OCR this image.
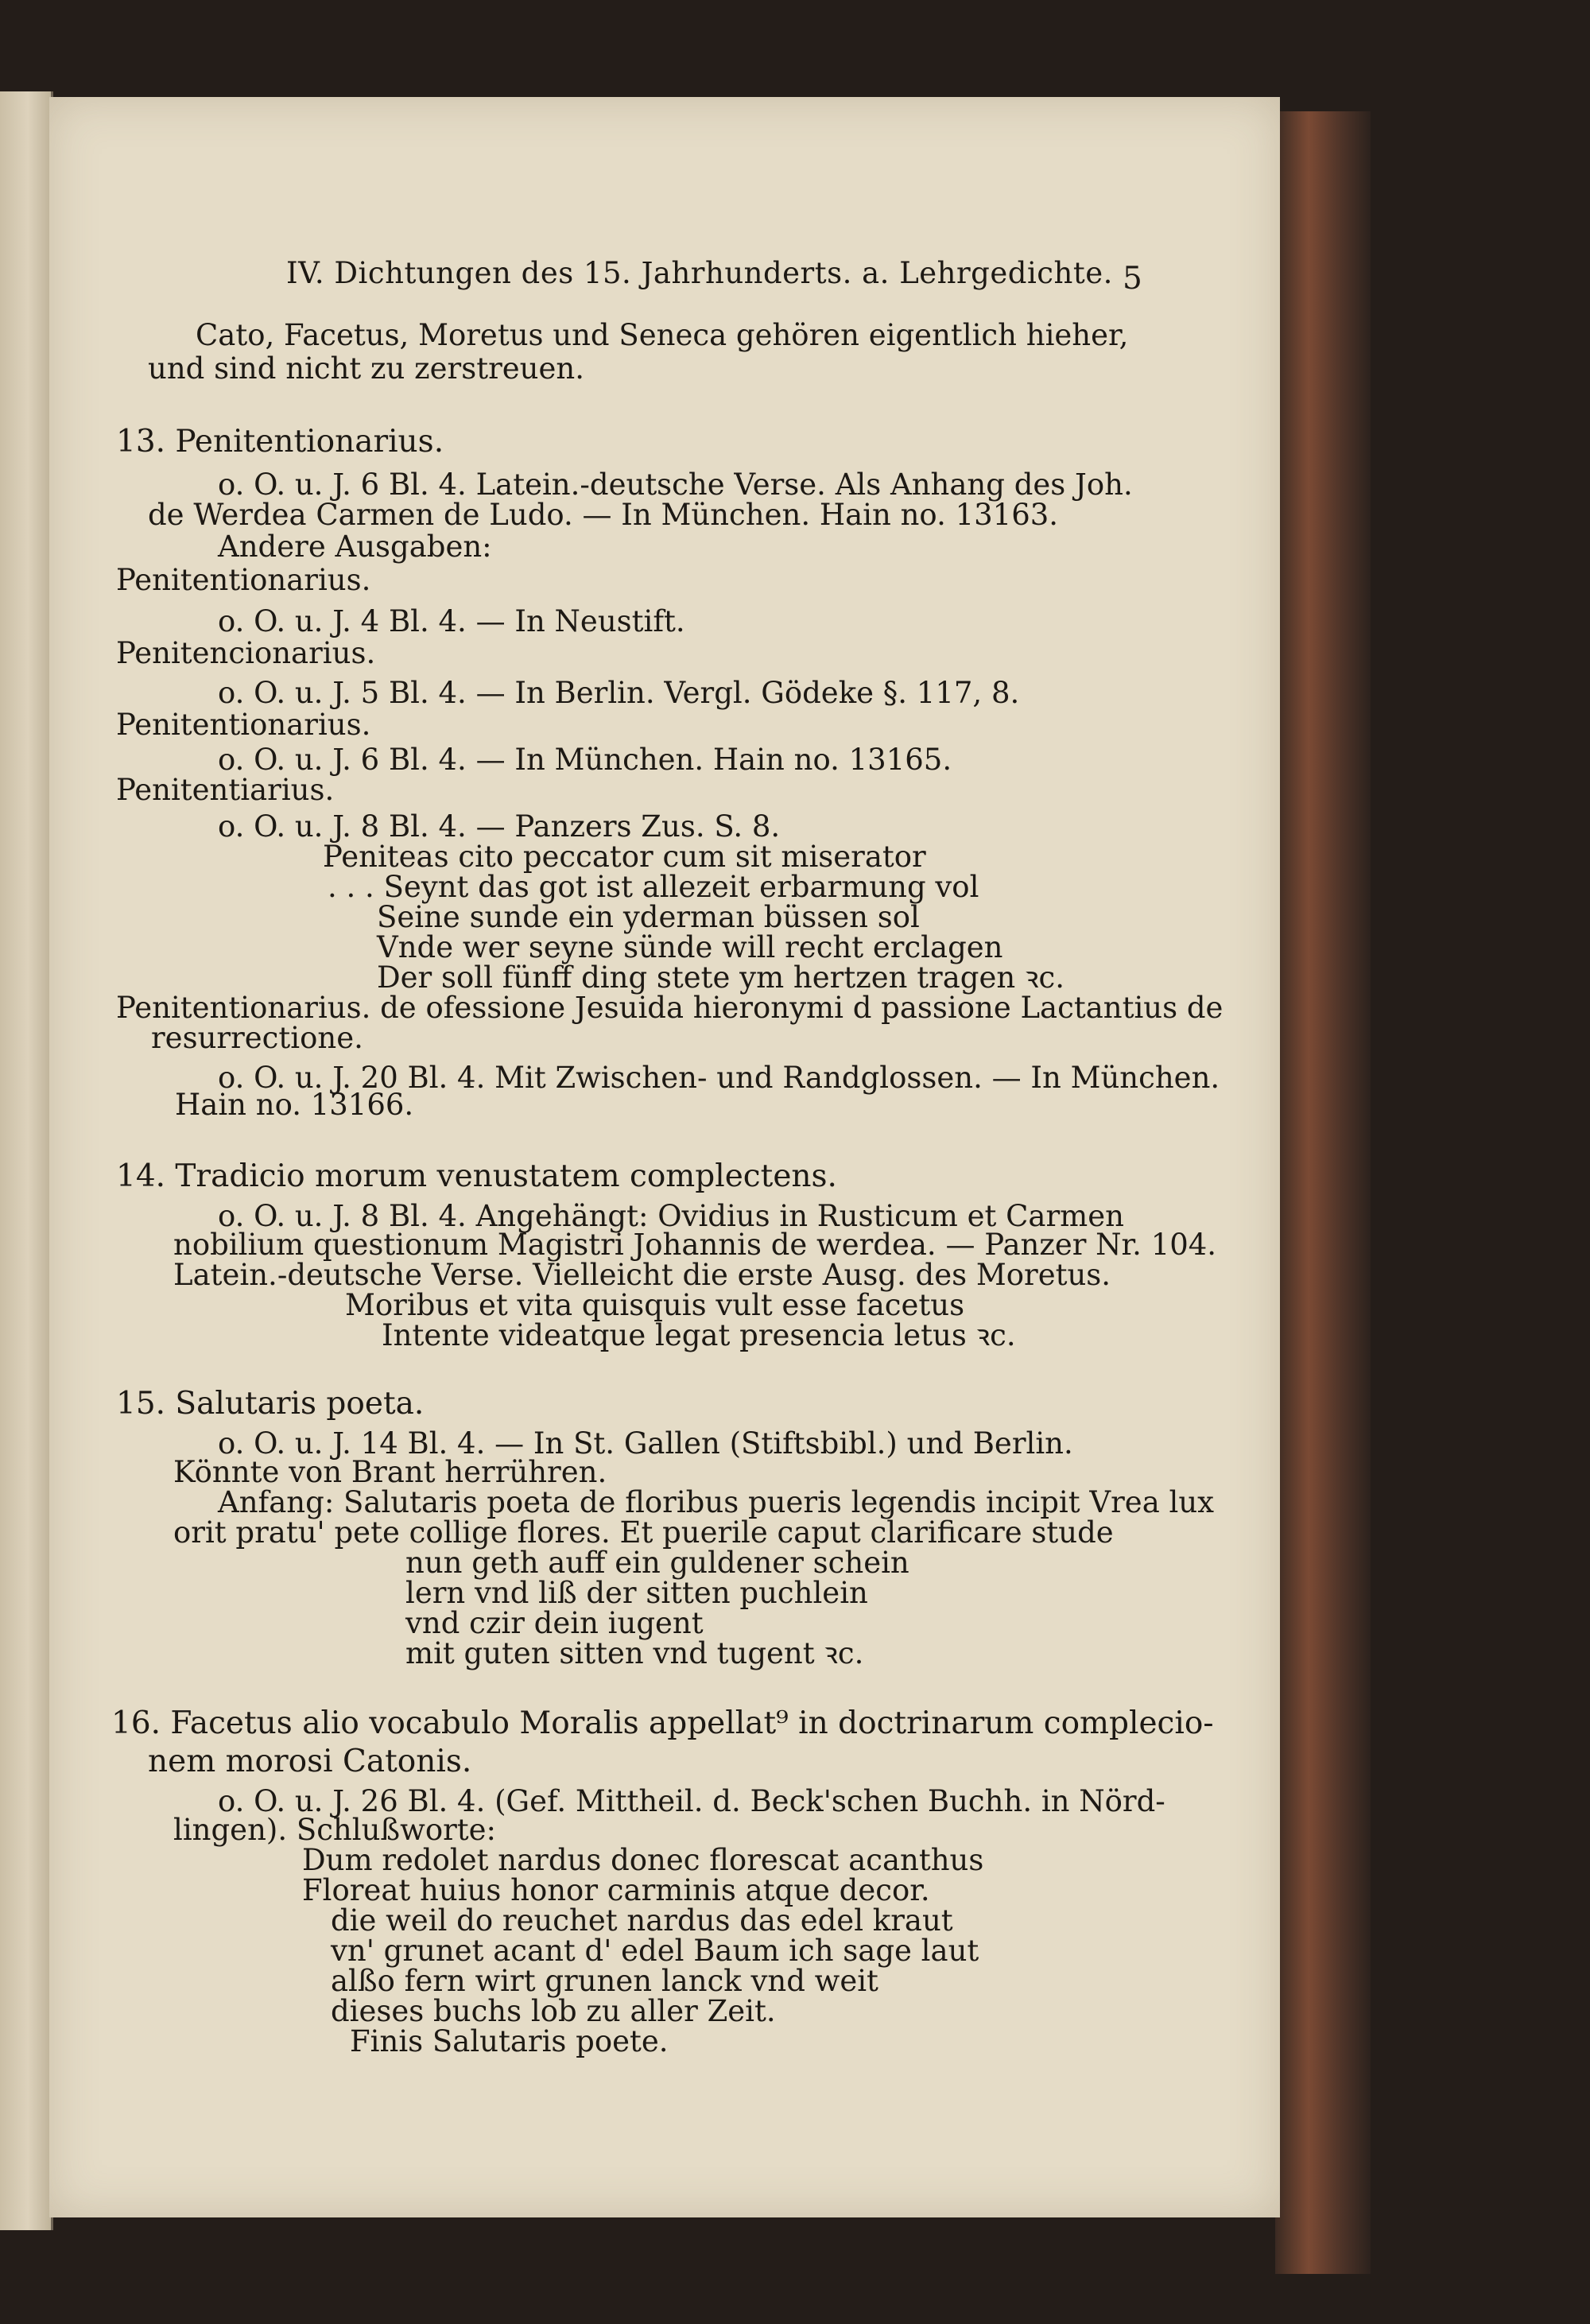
IV. Dichtungen des 15. Jahrhunderts. a. Lehrgedichte. 5
Cato, Facetus, Moretus und Seneca gehören eigentlich hieher,
und sind nicht zu zerstreuen.
13. Penitentionarius.
o. O. u. J. 6 Bl. 4. Latein.-deutsche Verse. Als Anhang des Joh.
de Werdea Carmen de Ludo. — In München. Hain no. 13163.
Andere Ausgaben:
Penitentionarius.
o. O. u. J. 4 Bl. 4. — In Neustift.
Penitencionarius.
o. O. u. J. 5 Bl. 4. — In Berlin. Vergl. Gödeke §. 117, 8.
Penitentionarius.
o. O. u. J. 6 Bl. 4. — In München. Hain no. 13165.
Penitentiarius.
o. O. u. J. 8 Bl. 4. — Panzers Zus. S. 8.
Peniteas cito peccator cum sit miserator
. . . Seynt das got ist allezeit erbarmung vol
Seine sunde ein yderman büssen sol
Vnde wer seyne sünde will recht erclagen
Der soll fünff ding stete ym hertzen tragen ꝛc.
Penitentionarius. de ofessione Jesuida hieronymi d passione Lactantius de
resurrectione.
o. O. u. J. 20 Bl. 4. Mit Zwischen- und Randglossen. — In München.
Hain no. 13166.
14. Tradicio morum venustatem complectens.
o. O. u. J. 8 Bl. 4. Angehängt: Ovidius in Rusticum et Carmen
nobilium questionum Magistri Johannis de werdea. — Panzer Nr. 104.
Latein.-deutsche Verse. Vielleicht die erste Ausg. des Moretus.
Moribus et vita quisquis vult esse facetus
Intente videatque legat presencia letus ꝛc.
15. Salutaris poeta.
o. O. u. J. 14 Bl. 4. — In St. Gallen (Stiftsbibl.) und Berlin.
Könnte von Brant herrühren.
Anfang: Salutaris poeta de floribus pueris legendis incipit Vrea lux
orit pratu' pete collige flores. Et puerile caput clarificare stude
nun geth auff ein guldener schein
lern vnd liß der sitten puchlein
vnd czir dein iugent
mit guten sitten vnd tugent ꝛc.
16. Facetus alio vocabulo Moralis appellat⁹ in doctrinarum complecio-
nem morosi Catonis.
o. O. u. J. 26 Bl. 4. (Gef. Mittheil. d. Beck'schen Buchh. in Nörd-
lingen). Schlußworte:
Dum redolet nardus donec florescat acanthus
Floreat huius honor carminis atque decor.
die weil do reuchet nardus das edel kraut
vn' grunet acant d' edel Baum ich sage laut
alßo fern wirt grunen lanck vnd weit
dieses buchs lob zu aller Zeit.
Finis Salutaris poete.
